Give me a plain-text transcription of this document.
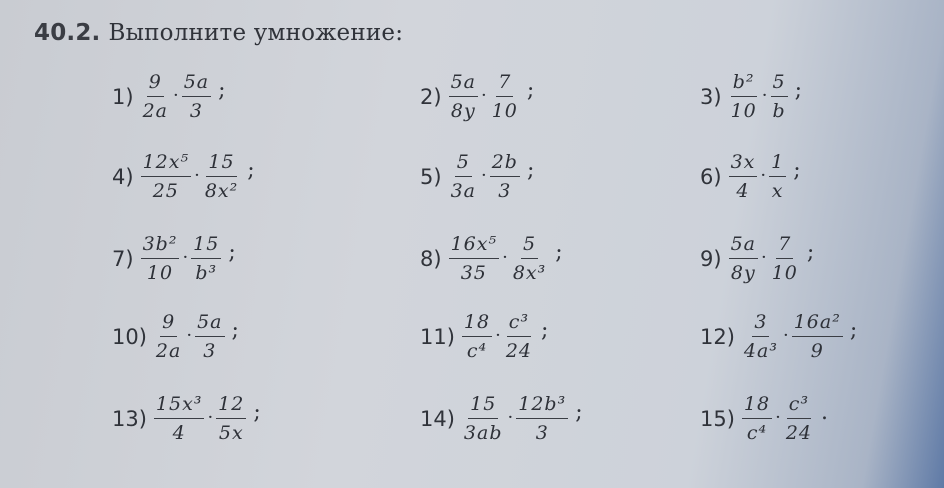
40.2. Выполните умножение:
$1) \frac{9}{2a} \cdot \frac{5a}{3}$ ;	$2) \frac{5a}{8y} \cdot \frac{7}{10}$ ;	$3) \frac{\text{b²}}{10} \cdot \frac{5}{b}$ ;
$4) \frac{\text{12x⁵}}{25} \cdot \frac{15}{\text{8x²}}$ ;	$5) \frac{5}{3a} \cdot \frac{2b}{3}$ ;	$6) \frac{3x}{4} \cdot \frac{1}{x}$ ;
$7) \frac{\text{3b²}}{10} \cdot \frac{15}{\text{b³}}$ ;	$8) \frac{\text{16x⁵}}{35} \cdot \frac{5}{\text{8x³}}$ ;	$9) \frac{5a}{8y} \cdot \frac{7}{10}$ ;
$10) \frac{9}{2a} \cdot \frac{5a}{3}$ ;	$11) \frac{18}{\text{c⁴}} \cdot \frac{\text{c³}}{24}$ ;	$12) \frac{3}{\text{4a³}} \cdot \frac{\text{16a²}}{9}$ ;
$13) \frac{\text{15x³}}{4} \cdot \frac{12}{5x}$ ;	$14) \frac{15}{3ab} \cdot \frac{\text{12b³}}{3}$ ;	$15) \frac{18}{\text{c⁴}} \cdot \frac{\text{c³}}{24}$ .
